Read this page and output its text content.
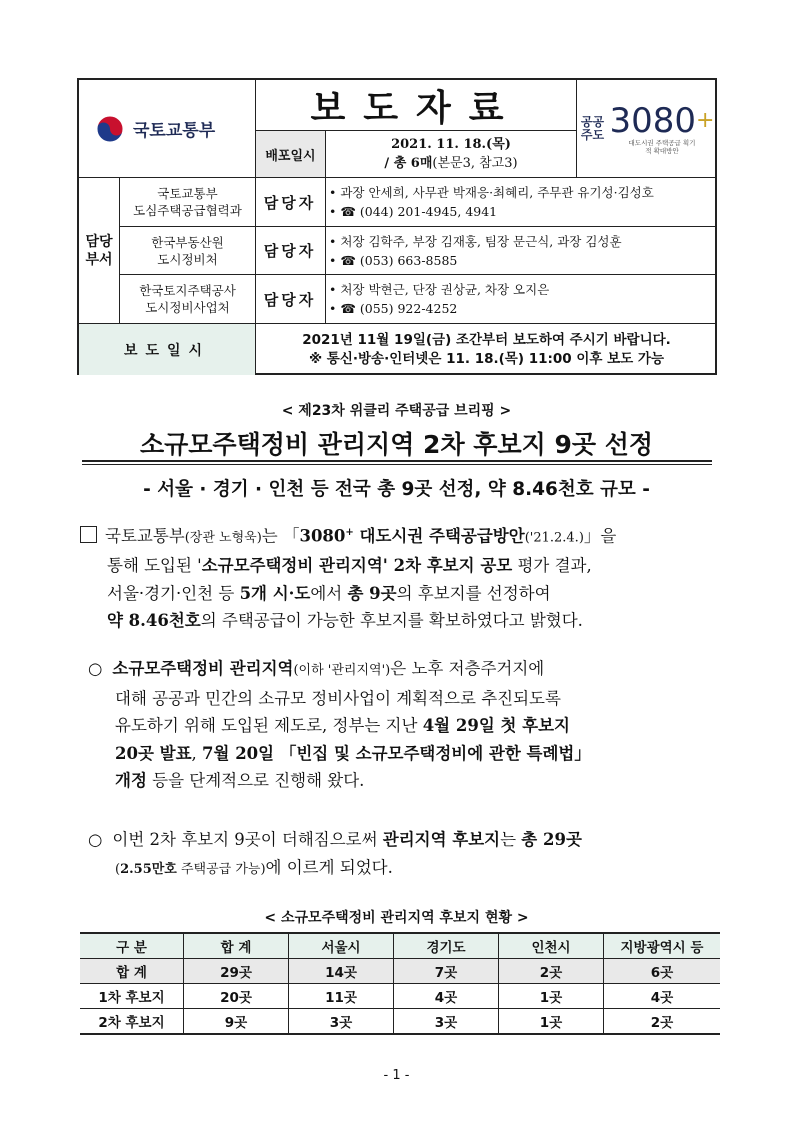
국토교통부
보도자료
배포일시
2021. 11. 18.(목)
/ 총 6매(본문3, 참고3)
공공 주도 3080+
대도시권 주택공급 획기적 확대방안
담당 부서
국토교통부
도심주택공급협력과	담당자
• 과장 안세희, 사무관 박재응·최혜리, 주무관 유기성·김성호
• ☎ (044) 201-4945, 4941
한국부동산원
도시정비처	담당자
• 처장 김학주, 부장 김재홍, 팀장 문근식, 과장 김성훈
• ☎ (053) 663-8585
한국토지주택공사
도시정비사업처	담당자
• 처장 박현근, 단장 권상균, 차장 오지은
• ☎ (055) 922-4252
보도일시
2021년 11월 19일(금) 조간부터 보도하여 주시기 바랍니다.
※ 통신·방송·인터넷은 11. 18.(목) 11:00 이후 보도 가능
< 제23차 위클리 주택공급 브리핑 >
소규모주택정비 관리지역 2차 후보지 9곳 선정
- 서울 · 경기 · 인천 등 전국 총 9곳 선정, 약 8.46천호 규모 -
국토교통부(장관 노형욱)는 「3080+ 대도시권 주택공급방안('21.2.4.)」을
통해 도입된 '소규모주택정비 관리지역' 2차 후보지 공모 평가 결과,
서울·경기·인천 등 5개 시·도에서 총 9곳의 후보지를 선정하여
약 8.46천호의 주택공급이 가능한 후보지를 확보하였다고 밝혔다.
○ 소규모주택정비 관리지역(이하 '관리지역')은 노후 저층주거지에
대해 공공과 민간의 소규모 정비사업이 계획적으로 추진되도록
유도하기 위해 도입된 제도로, 정부는 지난 4월 29일 첫 후보지
20곳 발표, 7월 20일 「빈집 및 소규모주택정비에 관한 특례법」
개정 등을 단계적으로 진행해 왔다.
○ 이번 2차 후보지 9곳이 더해짐으로써 관리지역 후보지는 총 29곳
(2.55만호 주택공급 가능)에 이르게 되었다.
< 소규모주택정비 관리지역 후보지 현황 >
구 분	합 계	서울시	경기도	인천시	지방광역시 등
합 계	29곳	14곳	7곳	2곳	6곳
1차 후보지	20곳	11곳	4곳	1곳	4곳
2차 후보지	9곳	3곳	3곳	1곳	2곳
- 1 -
